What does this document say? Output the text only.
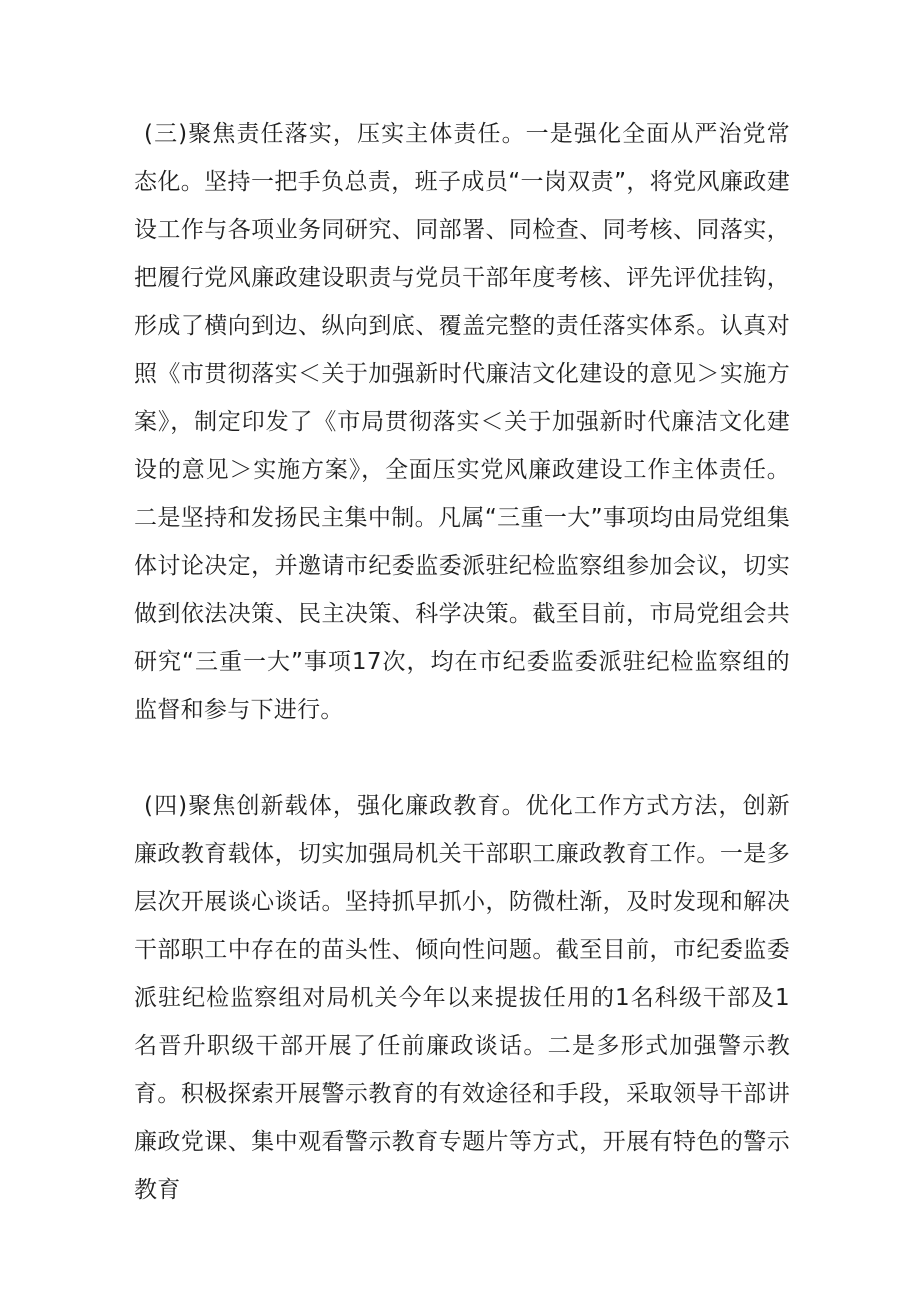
(三)聚焦责任落实，压实主体责任。一是强化全面从严治党常态化。坚持一把手负总责，班子成员“一岗双责”，将党风廉政建设工作与各项业务同研究、同部署、同检查、同考核、同落实，把履行党风廉政建设职责与党员干部年度考核、评先评优挂钩，形成了横向到边、纵向到底、覆盖完整的责任落实体系。认真对照《市贯彻落实＜关于加强新时代廉洁文化建设的意见＞实施方案》，制定印发了《市局贯彻落实＜关于加强新时代廉洁文化建设的意见＞实施方案》，全面压实党风廉政建设工作主体责任。二是坚持和发扬民主集中制。凡属“三重一大”事项均由局党组集体讨论决定，并邀请市纪委监委派驻纪检监察组参加会议，切实做到依法决策、民主决策、科学决策。截至目前，市局党组会共研究“三重一大”事项17次，均在市纪委监委派驻纪检监察组的监督和参与下进行。

(四)聚焦创新载体，强化廉政教育。优化工作方式方法，创新廉政教育载体，切实加强局机关干部职工廉政教育工作。一是多层次开展谈心谈话。坚持抓早抓小，防微杜渐，及时发现和解决干部职工中存在的苗头性、倾向性问题。截至目前，市纪委监委派驻纪检监察组对局机关今年以来提拔任用的1名科级干部及1名晋升职级干部开展了任前廉政谈话。二是多形式加强警示教育。积极探索开展警示教育的有效途径和手段，采取领导干部讲廉政党课、集中观看警示教育专题片等方式，开展有特色的警示教育
